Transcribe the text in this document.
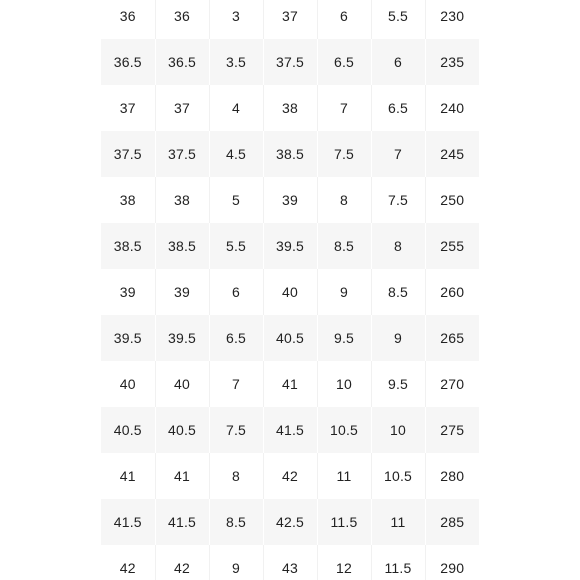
36	36	3	37	6	5.5	230
36.5	36.5	3.5	37.5	6.5	6	235
37	37	4	38	7	6.5	240
37.5	37.5	4.5	38.5	7.5	7	245
38	38	5	39	8	7.5	250
38.5	38.5	5.5	39.5	8.5	8	255
39	39	6	40	9	8.5	260
39.5	39.5	6.5	40.5	9.5	9	265
40	40	7	41	10	9.5	270
40.5	40.5	7.5	41.5	10.5	10	275
41	41	8	42	11	10.5	280
41.5	41.5	8.5	42.5	11.5	11	285
42	42	9	43	12	11.5	290
